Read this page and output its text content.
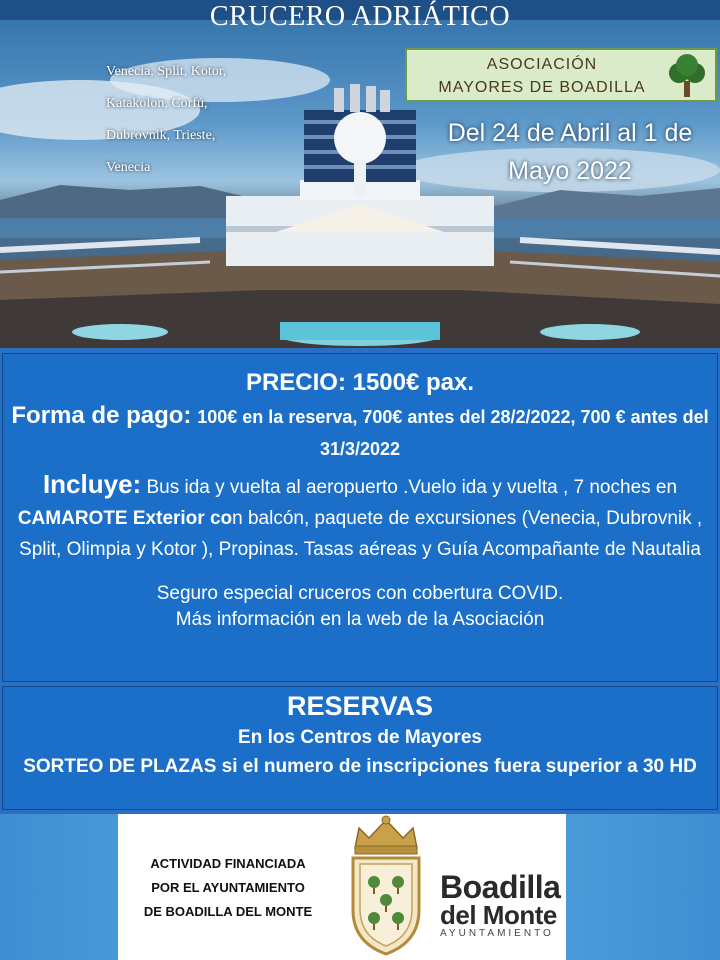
CRUCERO ADRIÁTICO
Venecia, Split, Kotor,
Katakolon, Corfú,
Dubrovnik, Trieste,
Venecia
ASOCIACIÓN
MAYORES DE BOADILLA
Del 24 de Abril al 1 de Mayo 2022
PRECIO: 1500€ pax.
Forma de pago: 100€ en la reserva, 700€ antes del 28/2/2022, 700 € antes del 31/3/2022
Incluye: Bus ida y vuelta al aeropuerto .Vuelo ida y vuelta , 7 noches en CAMAROTE Exterior con balcón, paquete de excursiones (Venecia, Dubrovnik , Split, Olimpia y Kotor ), Propinas. Tasas aéreas y Guía Acompañante de Nautalia
Seguro especial cruceros con cobertura COVID.
Más información en la web de la Asociación
RESERVAS
En los Centros de Mayores
SORTEO DE PLAZAS si el numero de inscripciones fuera superior a 30 HD
ACTIVIDAD FINANCIADA
POR EL AYUNTAMIENTO
DE BOADILLA DEL MONTE
Boadilla
del Monte
AYUNTAMIENTO
